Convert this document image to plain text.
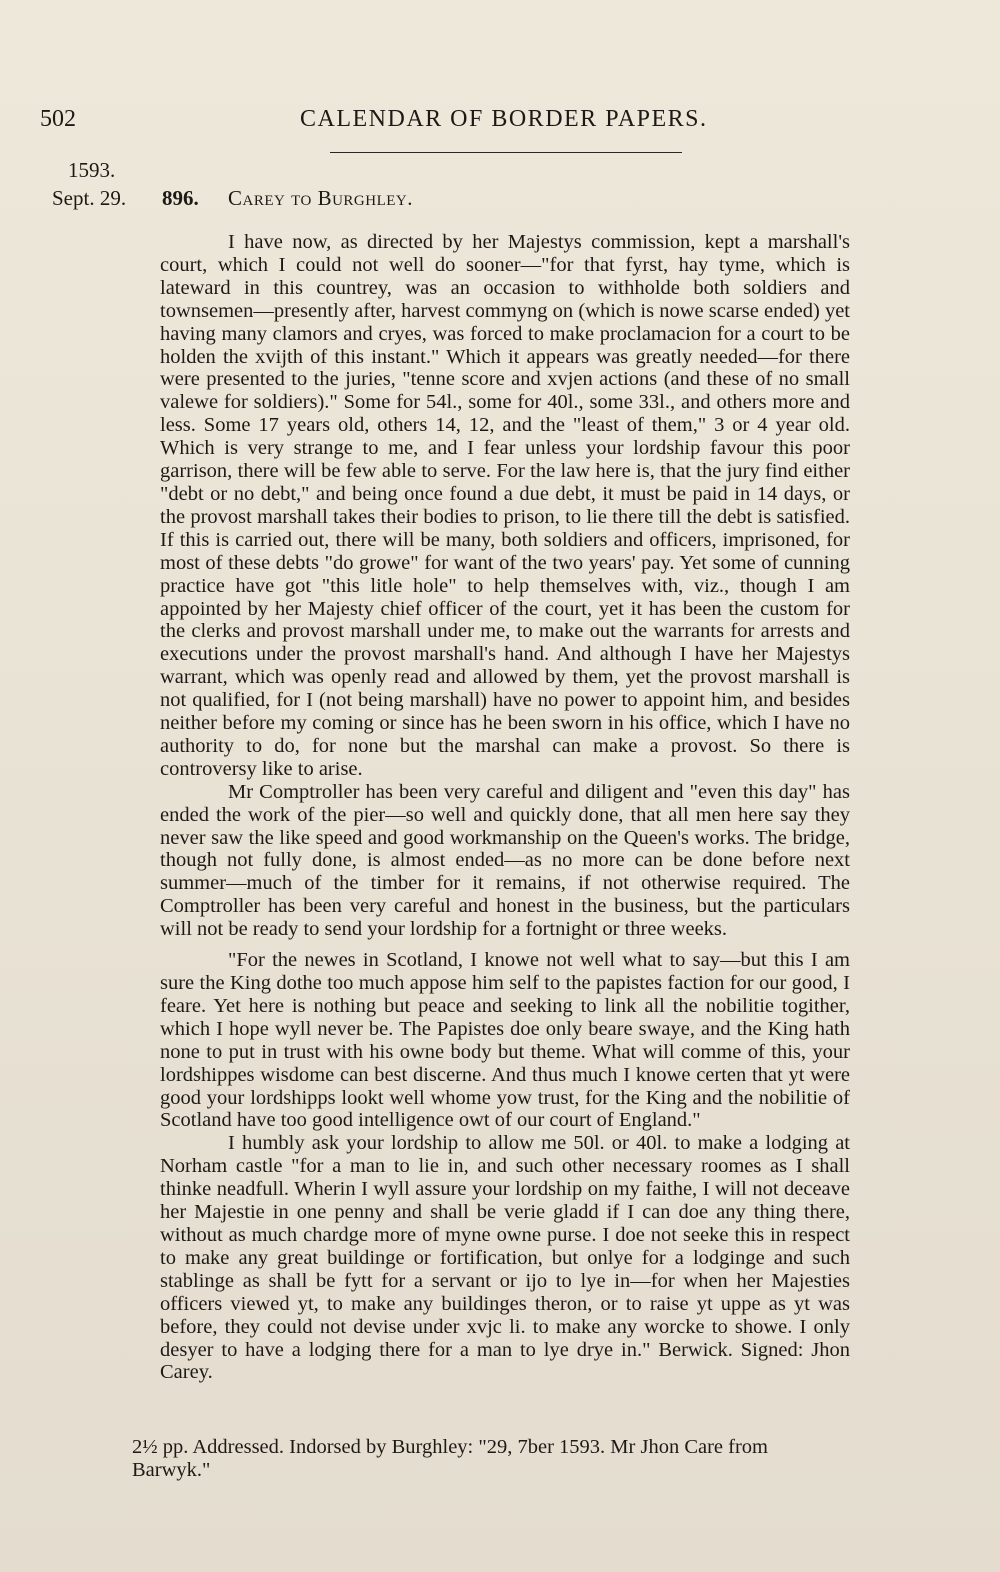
502	CALENDAR OF BORDER PAPERS.
1593.
Sept. 29. 896. Carey to Burghley.

I have now, as directed by her Majestys commission, kept a marshall's court, which I could not well do sooner—"for that fyrst, hay tyme, which is lateward in this countrey, was an occasion to withholde both soldiers and townsemen—presently after, harvest commyng on (which is nowe scarse ended) yet having many clamors and cryes, was forced to make proclamacion for a court to be holden the xvijth of this instant." Which it appears was greatly needed—for there were presented to the juries, "tenne score and xvjen actions (and these of no small valewe for soldiers)." Some for 54l., some for 40l., some 33l., and others more and less. Some 17 years old, others 14, 12, and the "least of them," 3 or 4 year old. Which is very strange to me, and I fear unless your lordship favour this poor garrison, there will be few able to serve. For the law here is, that the jury find either "debt or no debt," and being once found a due debt, it must be paid in 14 days, or the provost marshall takes their bodies to prison, to lie there till the debt is satisfied. If this is carried out, there will be many, both soldiers and officers, imprisoned, for most of these debts "do growe" for want of the two years' pay. Yet some of cunning practice have got "this litle hole" to help themselves with, viz., though I am appointed by her Majesty chief officer of the court, yet it has been the custom for the clerks and provost marshall under me, to make out the warrants for arrests and executions under the provost marshall's hand. And although I have her Majestys warrant, which was openly read and allowed by them, yet the provost marshall is not qualified, for I (not being marshall) have no power to appoint him, and besides neither before my coming or since has he been sworn in his office, which I have no authority to do, for none but the marshal can make a provost. So there is controversy like to arise.

Mr Comptroller has been very careful and diligent and "even this day" has ended the work of the pier—so well and quickly done, that all men here say they never saw the like speed and good workmanship on the Queen's works. The bridge, though not fully done, is almost ended—as no more can be done before next summer—much of the timber for it remains, if not otherwise required. The Comptroller has been very careful and honest in the business, but the particulars will not be ready to send your lordship for a fortnight or three weeks.

"For the newes in Scotland, I knowe not well what to say—but this I am sure the King dothe too much appose him self to the papistes faction for our good, I feare. Yet here is nothing but peace and seeking to link all the nobilitie togither, which I hope wyll never be. The Papistes doe only beare swaye, and the King hath none to put in trust with his owne body but theme. What will comme of this, your lordshippes wisdome can best discerne. And thus much I knowe certen that yt were good your lordshipps lookt well whome yow trust, for the King and the nobilitie of Scotland have too good intelligence owt of our court of England."

I humbly ask your lordship to allow me 50l. or 40l. to make a lodging at Norham castle "for a man to lie in, and such other necessary roomes as I shall thinke neadfull. Wherin I wyll assure your lordship on my faithe, I will not deceave her Majestie in one penny and shall be verie gladd if I can doe any thing there, without as much chardge more of myne owne purse. I doe not seeke this in respect to make any great buildinge or fortification, but onlye for a lodginge and such stablinge as shall be fytt for a servant or ijo to lye in—for when her Majesties officers viewed yt, to make any buildinges theron, or to raise yt uppe as yt was before, they could not devise under xvjc li. to make any worcke to showe. I only desyer to have a lodging there for a man to lye drye in." Berwick. Signed: Jhon Carey.

2½ pp. Addressed. Indorsed by Burghley: "29, 7ber 1593. Mr Jhon Care from Barwyk."
